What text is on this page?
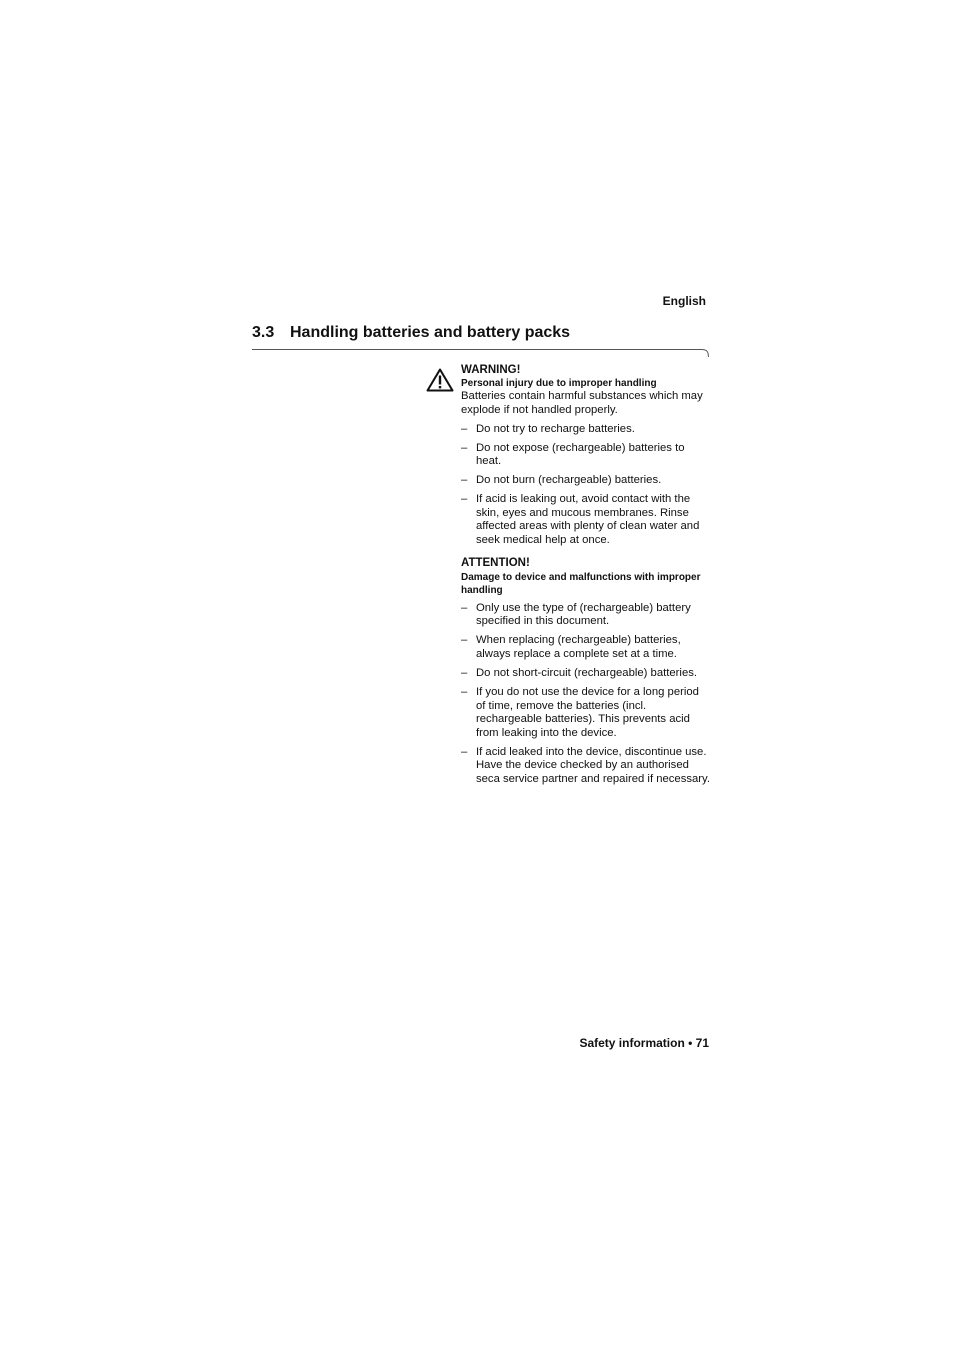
English
3.3 Handling batteries and battery packs
WARNING!
Personal injury due to improper handling

Batteries contain harmful substances which may explode if not handled properly.

– Do not try to recharge batteries.
– Do not expose (rechargeable) batteries to heat.
– Do not burn (rechargeable) batteries.
– If acid is leaking out, avoid contact with the skin, eyes and mucous membranes. Rinse affected areas with plenty of clean water and seek medical help at once.
ATTENTION!
Damage to device and malfunctions with improper handling
– Only use the type of (rechargeable) battery specified in this document.
– When replacing (rechargeable) batteries, always replace a complete set at a time.
– Do not short-circuit (rechargeable) batteries.
– If you do not use the device for a long period of time, remove the batteries (incl. rechargeable batteries). This prevents acid from leaking into the device.
– If acid leaked into the device, discontinue use. Have the device checked by an authorised seca service partner and repaired if necessary.
Safety information • 71
